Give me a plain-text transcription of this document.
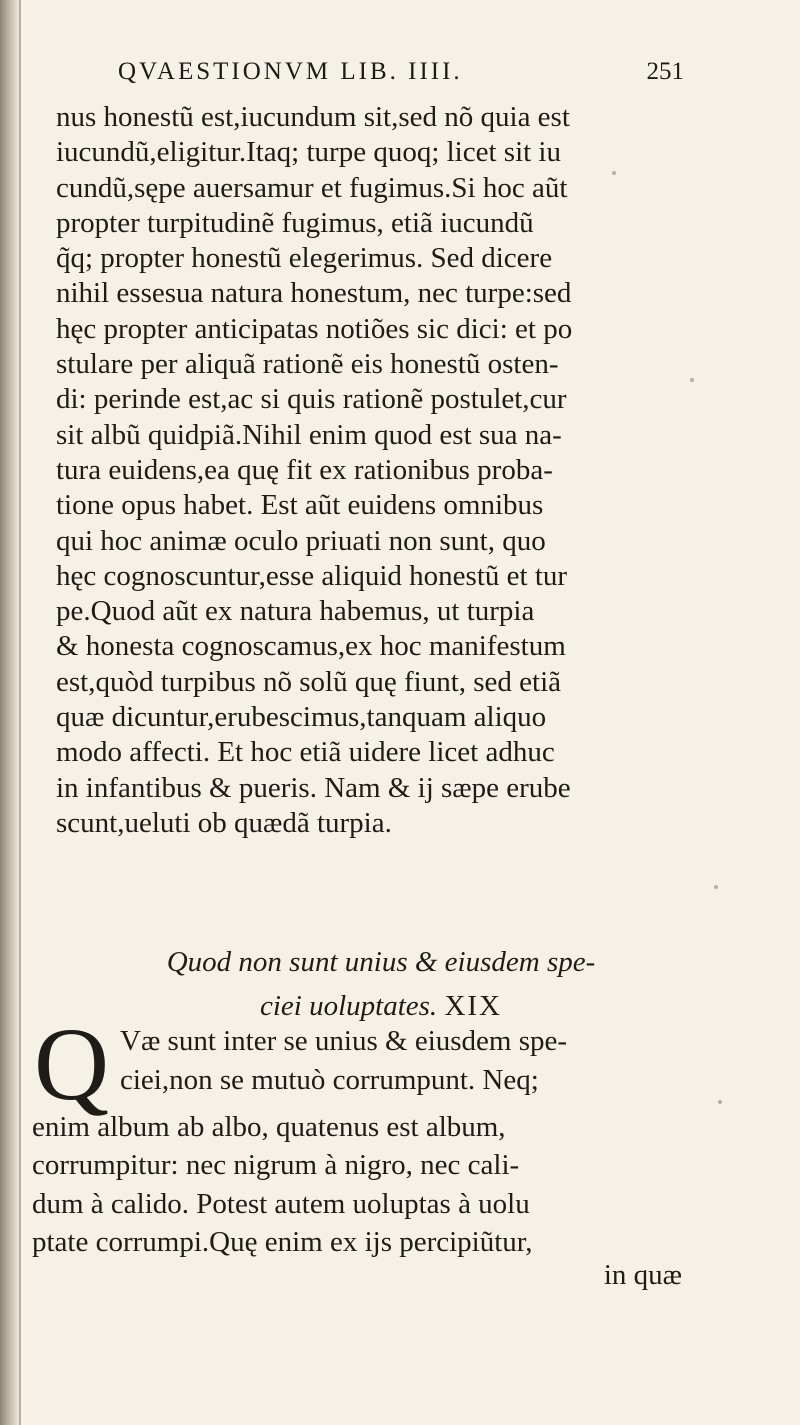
QVAESTIONVM LIB. IIII.	251
nus honestũ est,iucundum sit,sed nõ quia est
iucundũ,eligitur.Itaq; turpe quoq; licet sit iu
cundũ,sępe auersamur et fugimus.Si hoc aũt
propter turpitudinẽ fugimus, etiã iucundũ
q̃q; propter honestũ elegerimus. Sed dicere
nihil essesua natura honestum, nec turpe:sed
hęc propter anticipatas notiões sic dici: et po
stulare per aliquã rationẽ eis honestũ osten‑
di: perinde est,ac si quis rationẽ postulet,cur
sit albũ quidpiã.Nihil enim quod est sua na‑
tura euidens,ea quę fit ex rationibus proba‑
tione opus habet. Est aũt euidens omnibus
qui hoc animæ oculo priuati non sunt, quo
hęc cognoscuntur,esse aliquid honestũ et tur
pe.Quod aũt ex natura habemus, ut turpia
& honesta cognoscamus,ex hoc manifestum
est,quòd turpibus nõ solũ quę fiunt, sed etiã
quæ dicuntur,erubescimus,tanquam aliquo
modo affecti. Et hoc etiã uidere licet adhuc
in infantibus & pueris. Nam & ij sæpe erube
scunt,ueluti ob quædã turpia.
Quod non sunt unius & eiusdem spe‑
ciei uoluptates. XIX
Q Væ sunt inter se unius & eiusdem spe‑
ciei,non se mutuò corrumpunt. Neq;
enim album ab albo, quatenus est album,
corrumpitur: nec nigrum à nigro, nec cali‑
dum à calido. Potest autem uoluptas à uolu
ptate corrumpi.Quę enim ex ijs percipiũtur,
in quæ
